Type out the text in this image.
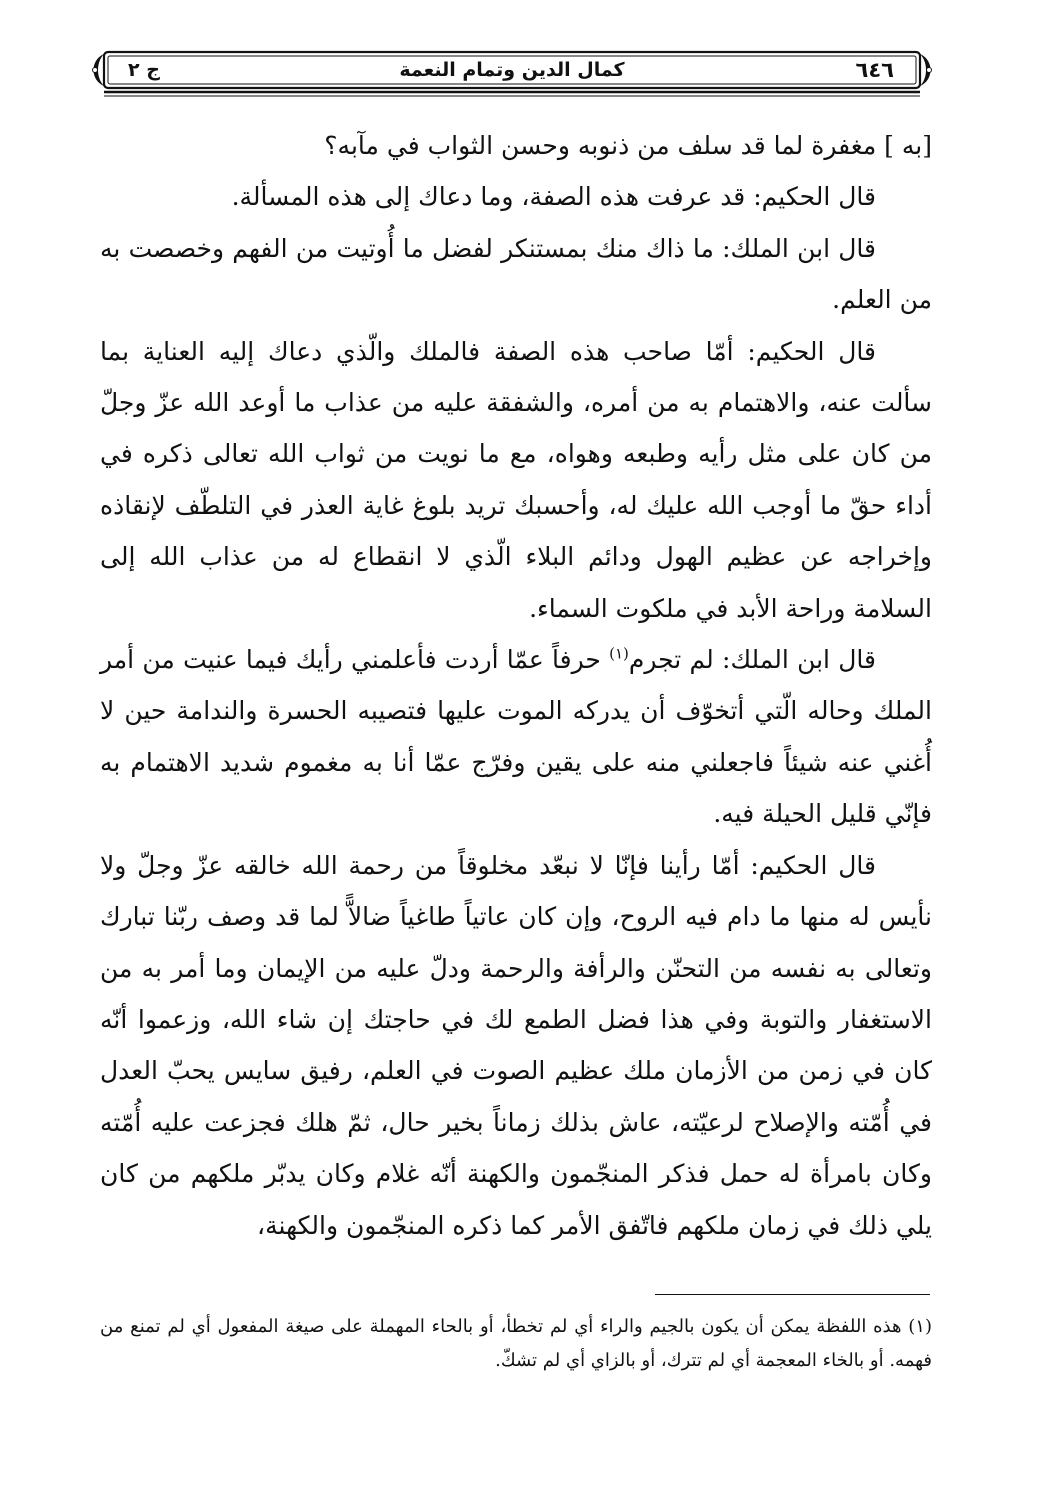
٦٤٦
كمال الدين وتمام النعمة
ج ٢

[به ] مغفرة لما قد سلف من ذنوبه وحسن الثواب في مآبه؟

قال الحكيم: قد عرفت هذه الصفة، وما دعاك إلى هذه المسألة.

قال ابن الملك: ما ذاك منك بمستنكر لفضل ما أُوتيت من الفهم وخصصت به من العلم.

قال الحكيم: أمّا صاحب هذه الصفة فالملك والّذي دعاك إليه العناية بما سألت عنه، والاهتمام به من أمره، والشفقة عليه من عذاب ما أوعد الله عزّ وجلّ من كان على مثل رأيه وطبعه وهواه، مع ما نويت من ثواب الله تعالى ذكره في أداء حقّ ما أوجب الله عليك له، وأحسبك تريد بلوغ غاية العذر في التلطّف لإنقاذه وإخراجه عن عظيم الهول ودائم البلاء الّذي لا انقطاع له من عذاب الله إلى السلامة وراحة الأبد في ملكوت السماء.

قال ابن الملك: لم تجرم$^{(١)}$ حرفاً عمّا أردت فأعلمني رأيك فيما عنيت من أمر الملك وحاله الّتي أتخوّف أن يدركه الموت عليها فتصيبه الحسرة والندامة حين لا أُغني عنه شيئاً فاجعلني منه على يقين وفرّج عمّا أنا به مغموم شديد الاهتمام به فإنّي قليل الحيلة فيه.

قال الحكيم: أمّا رأينا فإنّا لا نبعّد مخلوقاً من رحمة الله خالقه عزّ وجلّ ولا نأيس له منها ما دام فيه الروح، وإن كان عاتياً طاغياً ضالاًّ لما قد وصف ربّنا تبارك وتعالى به نفسه من التحنّن والرأفة والرحمة ودلّ عليه من الإيمان وما أمر به من الاستغفار والتوبة وفي هذا فضل الطمع لك في حاجتك إن شاء الله، وزعموا أنّه كان في زمن من الأزمان ملك عظيم الصوت في العلم، رفيق سايس يحبّ العدل في أُمّته والإصلاح لرعيّته، عاش بذلك زماناً بخير حال، ثمّ هلك فجزعت عليه أُمّته وكان بامرأة له حمل فذكر المنجّمون والكهنة أنّه غلام وكان يدبّر ملكهم من كان يلي ذلك في زمان ملكهم فاتّفق الأمر كما ذكره المنجّمون والكهنة،

(١) هذه اللفظة يمكن أن يكون بالجيم والراء أي لم تخطأ، أو بالحاء المهملة على صيغة المفعول أي لم تمنع من فهمه. أو بالخاء المعجمة أي لم تترك، أو بالزاي أي لم تشكّ.
